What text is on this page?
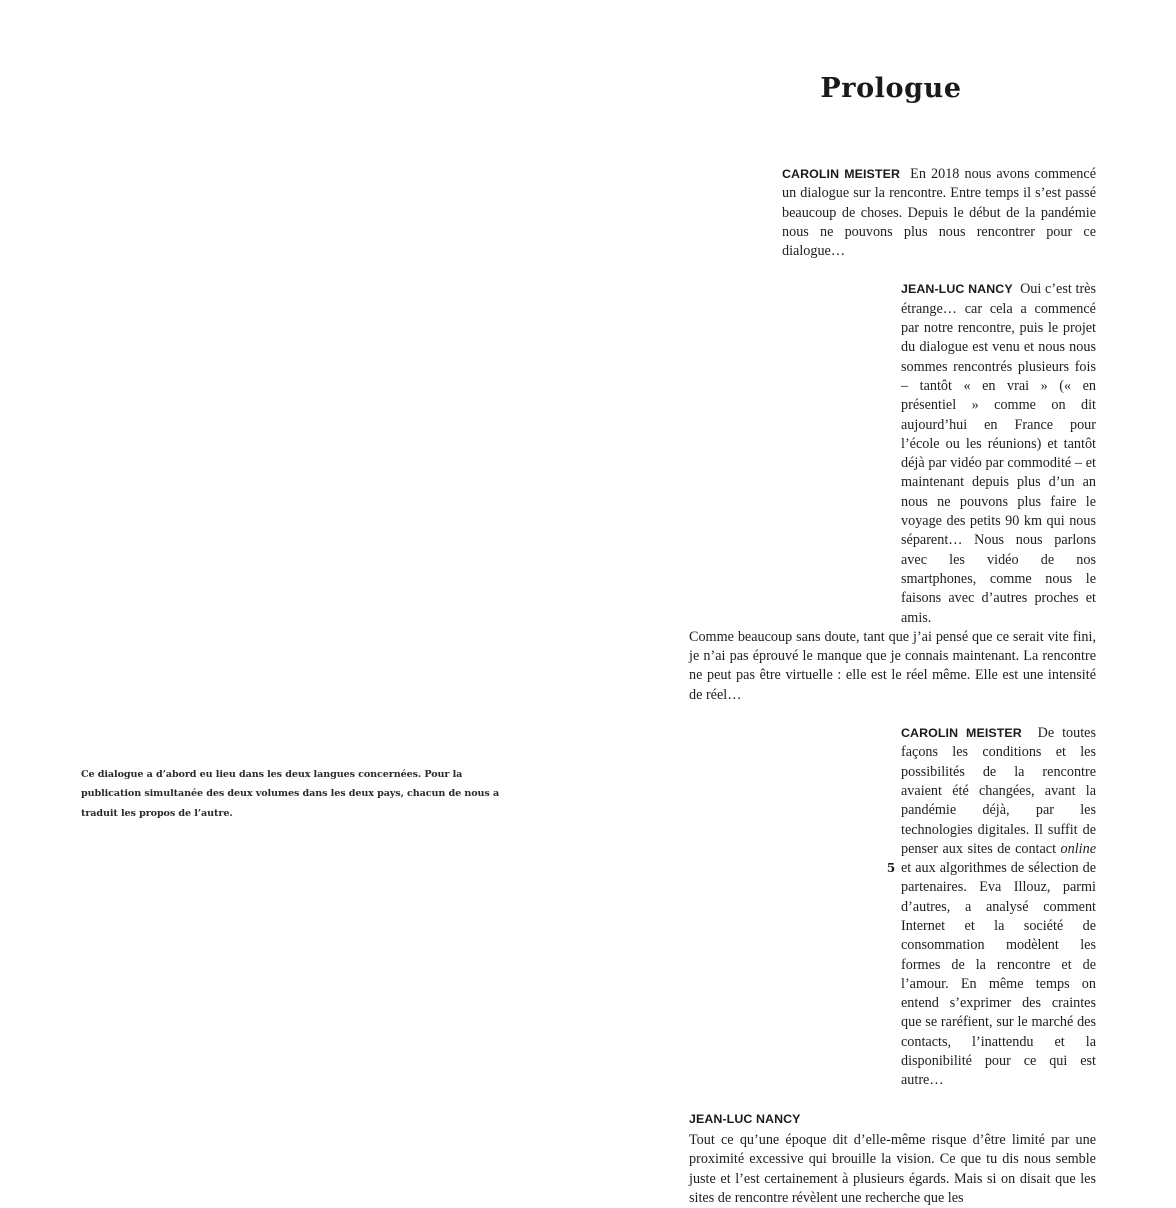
Ce dialogue a d’abord eu lieu dans les deux langues concernées. Pour la publication simultanée des deux volumes dans les deux pays, chacun de nous a traduit les propos de l’autre.
Prologue

CAROLIN MEISTER En 2018 nous avons commencé un dialogue sur la rencontre. Entre temps il s’est passé beaucoup de choses. Depuis le début de la pandémie nous ne pouvons plus nous rencontrer pour ce dialogue…

JEAN-LUC NANCY Oui c’est très étrange… car cela a commencé par notre rencontre, puis le projet du dialogue est venu et nous nous sommes rencontrés plusieurs fois – tantôt « en vrai » (« en présentiel » comme on dit aujourd’hui en France pour l’école ou les réunions) et tantôt déjà par vidéo par commodité – et maintenant depuis plus d’un an nous ne pouvons plus faire le voyage des petits 90 km qui nous séparent… Nous nous parlons avec les vidéo de nos smartphones, comme nous le faisons avec d’autres proches et amis.

Comme beaucoup sans doute, tant que j’ai pensé que ce serait vite fini, je n’ai pas éprouvé le manque que je connais maintenant. La rencontre ne peut pas être virtuelle : elle est le réel même. Elle est une intensité de réel…

CAROLIN MEISTER De toutes façons les conditions et les possibilités de la rencontre avaient été changées, avant la pandémie déjà, par les technologies digitales. Il suffit de penser aux sites de contact online et aux algorithmes de sélection de partenaires. Eva Illouz, parmi d’autres, a analysé comment Internet et la société de consommation modèlent les formes de la rencontre et de l’amour. En même temps on entend s’exprimer des craintes que se raréfient, sur le marché des contacts, l’inattendu et la disponibilité pour ce qui est autre…

JEAN-LUC NANCY
Tout ce qu’une époque dit d’elle-même risque d’être limité par une proximité excessive qui brouille la vision. Ce que tu dis nous semble juste et l’est certainement à plusieurs égards. Mais si on disait que les sites de rencontre révèlent une recherche que les

5
